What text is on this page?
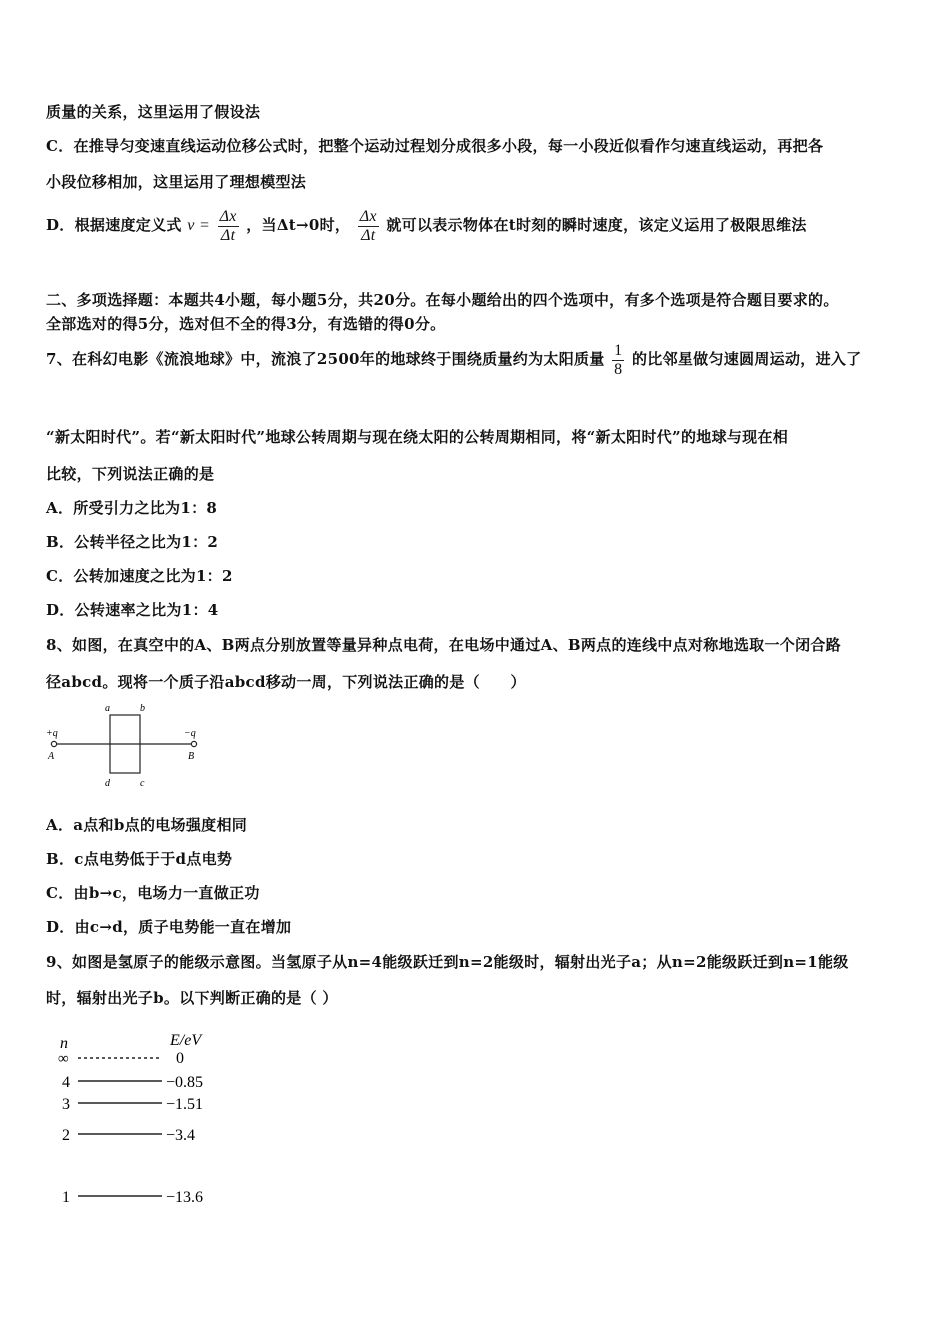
质量的关系，这里运用了假设法
C．在推导匀变速直线运动位移公式时，把整个运动过程划分成很多小段，每一小段近似看作匀速直线运动，再把各
小段位移相加，这里运用了理想模型法
D．根据速度定义式 $v = \frac{\Delta x}{\Delta t}$ ，当Δt→0时， $\frac{\Delta x}{\Delta t}$ 就可以表示物体在t时刻的瞬时速度，该定义运用了极限思维法
二、多项选择题：本题共4小题，每小题5分，共20分。在每小题给出的四个选项中，有多个选项是符合题目要求的。
全部选对的得5分，选对但不全的得3分，有选错的得0分。
7、在科幻电影《流浪地球》中，流浪了2500年的地球终于围绕质量约为太阳质量 $\frac{1}{8}$ 的比邻星做匀速圆周运动，进入了
“新太阳时代”。若“新太阳时代”地球公转周期与现在绕太阳的公转周期相同，将“新太阳时代”的地球与现在相
比较，下列说法正确的是
A．所受引力之比为1：8
B．公转半径之比为1：2
C．公转加速度之比为1：2
D．公转速率之比为1：4
8、如图，在真空中的A、B两点分别放置等量异种点电荷，在电场中通过A、B两点的连线中点对称地选取一个闭合路
径abcd。现将一个质子沿abcd移动一周，下列说法正确的是（　　）
a	b
c
d
+q	−q
A	B
A．a点和b点的电场强度相同
B．c点电势低于于d点电势
C．由b→c，电场力一直做正功
D．由c→d，质子电势能一直在增加
9、如图是氢原子的能级示意图。当氢原子从n=4能级跃迁到n=2能级时，辐射出光子a；从n=2能级跃迁到n=1能级
时，辐射出光子b。以下判断正确的是（ ）
n	E/eV
∞	0
4	−0.85
3	−1.51
2	−3.4
1	−13.6
